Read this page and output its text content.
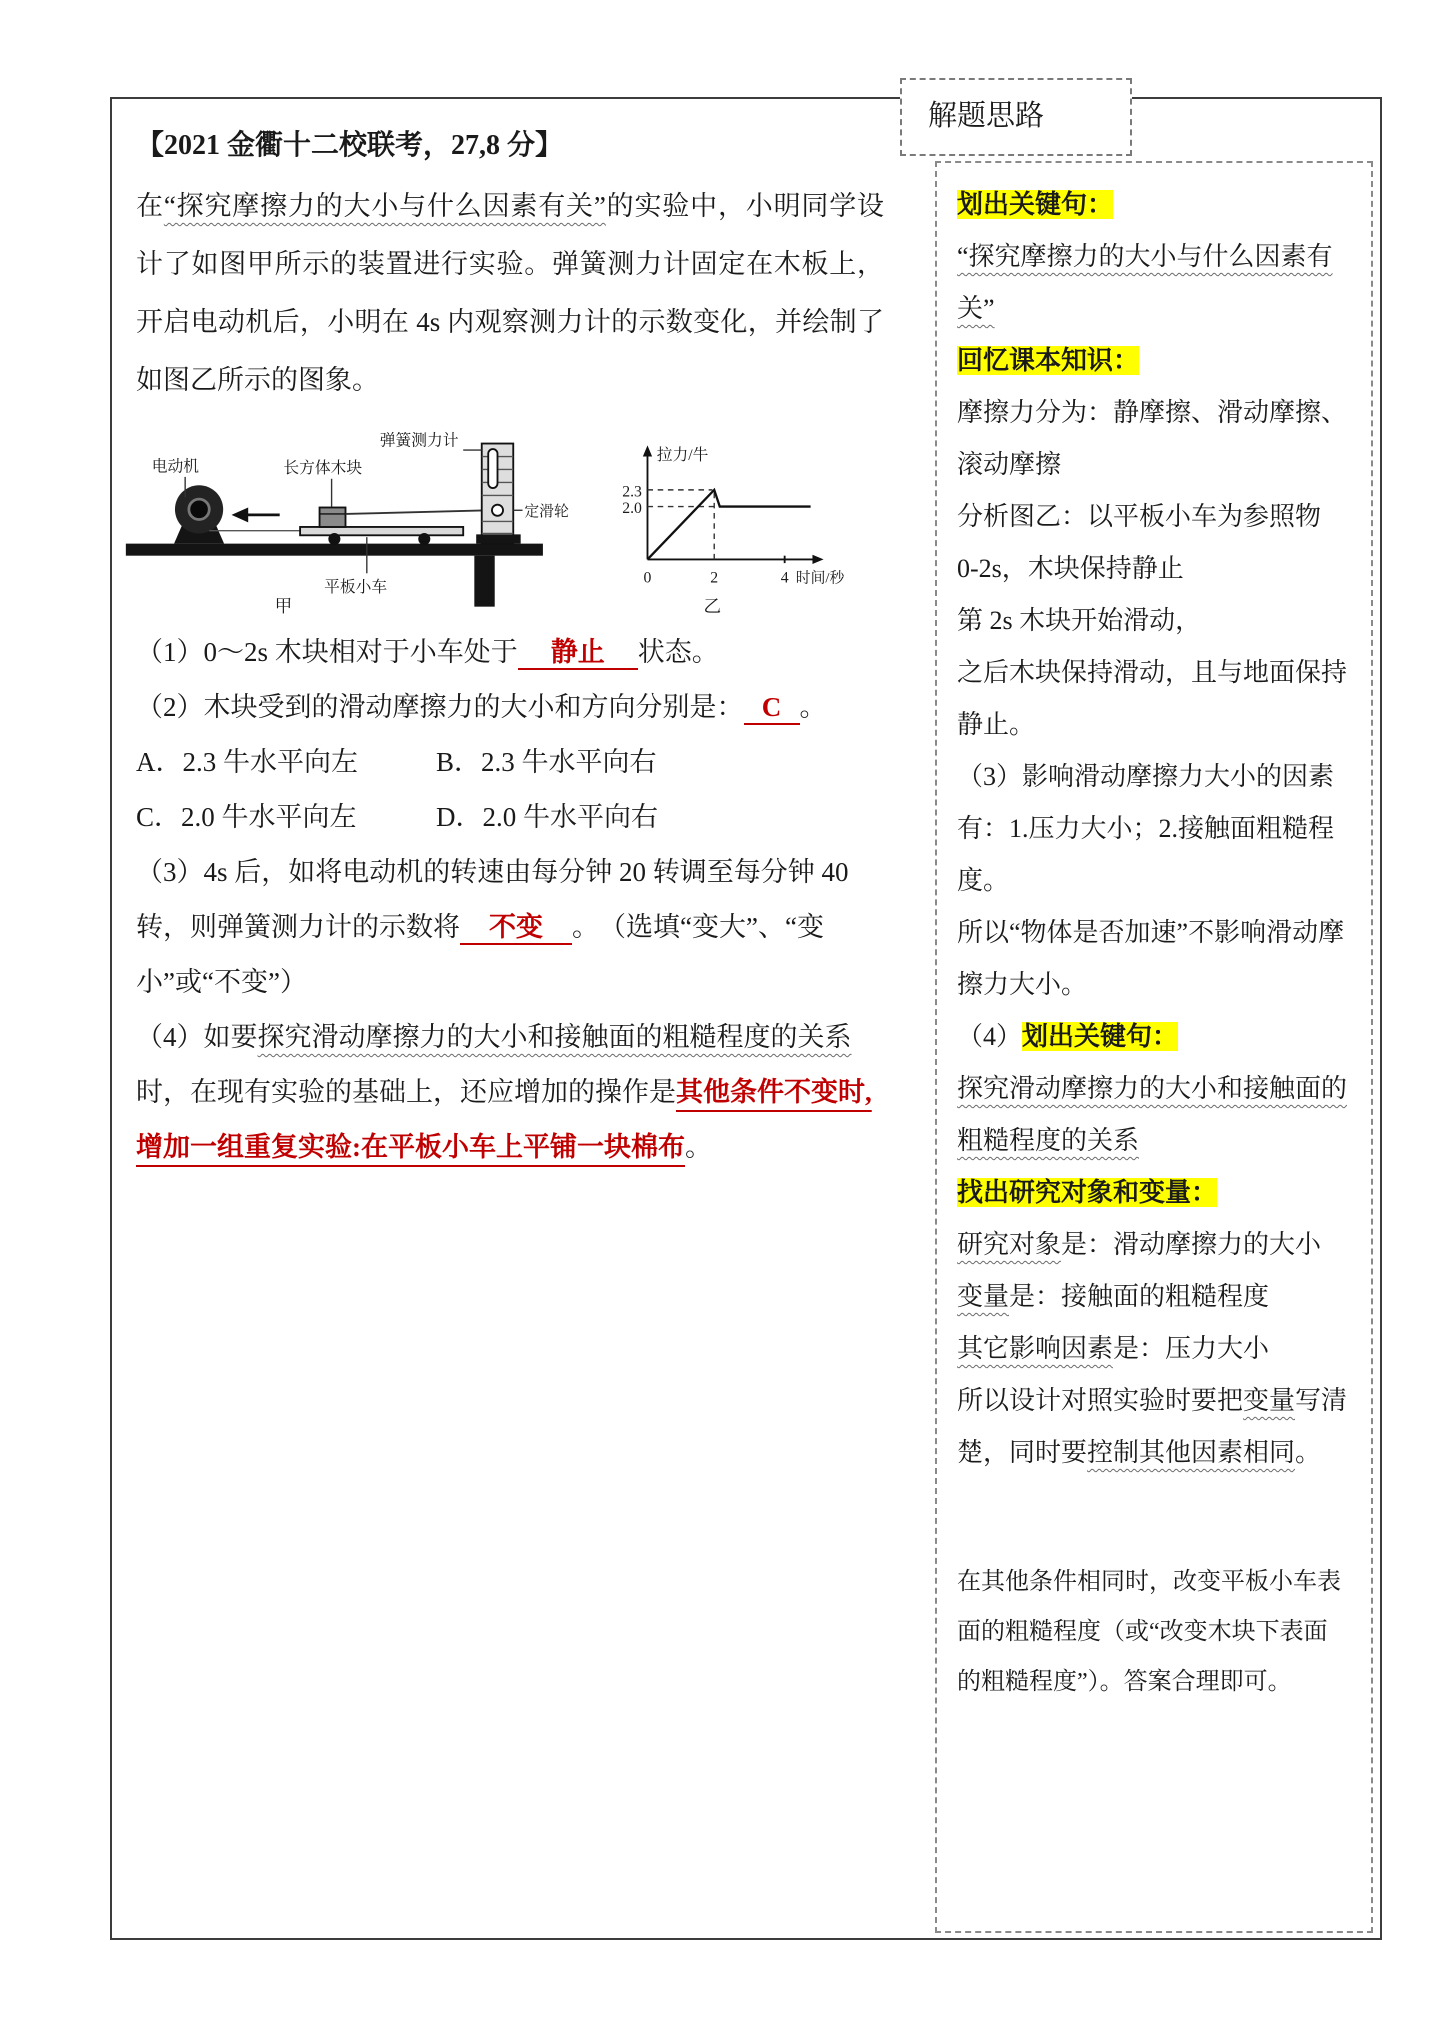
【2021 金衢十二校联考，27,8 分】
在“探究摩擦力的大小与什么因素有关”的实验中，小明同学设计了如图甲所示的装置进行实验。弹簧测力计固定在木板上，开启电动机后，小明在 4s 内观察测力计的示数变化，并绘制了如图乙所示的图象。
电动机	长方体木块
弹簧测力计
定滑轮
平板小车
甲
拉力/牛
2.3
2.0
0	2	4 时间/秒
乙
（1）0～2s 木块相对于小车处于 静止 状态。
（2）木块受到的滑动摩擦力的大小和方向分别是： C 。
A．2.3 牛水平向左	B．2.3 牛水平向右
C．2.0 牛水平向左	D．2.0 牛水平向右
（3）4s 后，如将电动机的转速由每分钟 20 转调至每分钟 40 转，则弹簧测力计的示数将 不变 。　（选填“变大”、“变小”或“不变”）
（4）如要探究滑动摩擦力的大小和接触面的粗糙程度的关系时，在现有实验的基础上，还应增加的操作是其他条件不变时,增加一组重复实验:在平板小车上平铺一块棉布。
解题思路

划出关键句：

“探究摩擦力的大小与什么因素有关”

回忆课本知识：

摩擦力分为：静摩擦、滑动摩擦、滚动摩擦

分析图乙：以平板小车为参照物

0-2s，木块保持静止

第 2s 木块开始滑动，

之后木块保持滑动，且与地面保持静止。

（3）影响滑动摩擦力大小的因素有：1.压力大小；2.接触面粗糙程度。

所以“物体是否加速”不影响滑动摩擦力大小。

（4）划出关键句：

探究滑动摩擦力的大小和接触面的粗糙程度的关系

找出研究对象和变量：

研究对象是：滑动摩擦力的大小

变量是：接触面的粗糙程度

其它影响因素是：压力大小

所以设计对照实验时要把变量写清楚，同时要控制其他因素相同。

在其他条件相同时，改变平板小车表面的粗糙程度（或“改变木块下表面的粗糙程度”）。答案合理即可。
